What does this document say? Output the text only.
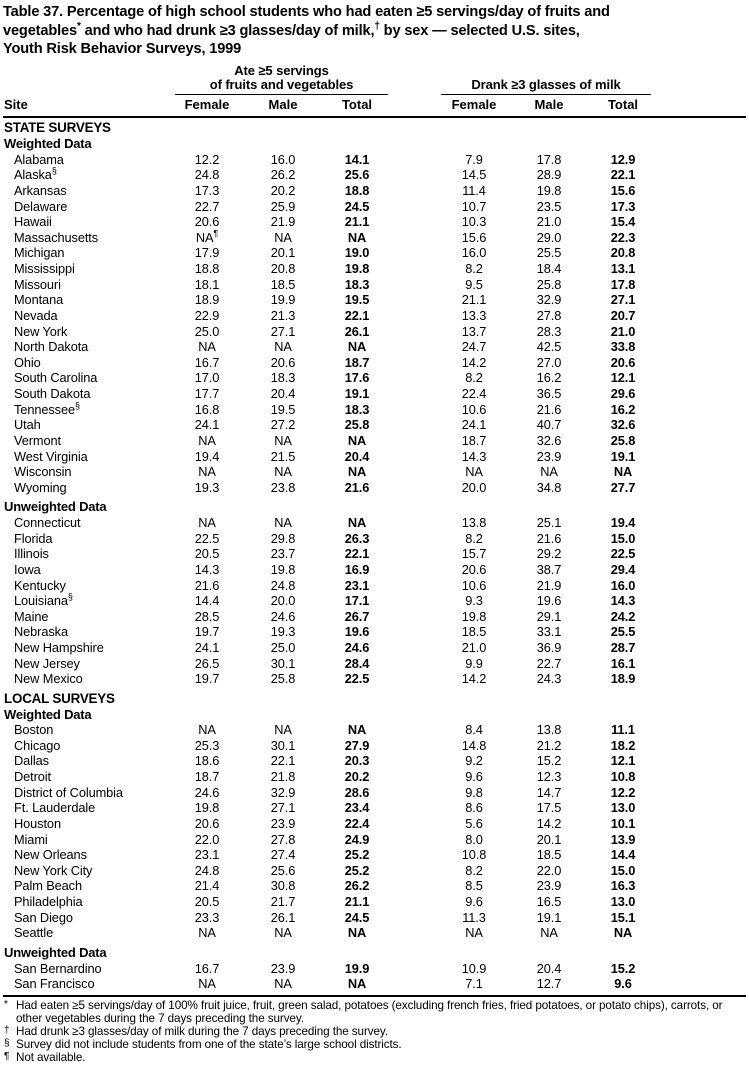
Table 37. Percentage of high school students who had eaten ≥5 servings/day of fruits and
vegetables* and who had drunk ≥3 glasses/day of milk,† by sex — selected U.S. sites,
Youth Risk Behavior Surveys, 1999
Ate ≥5 servings
of fruits and vegetables	Drank ≥3 glasses of milk
Site	Female	Male	Total	Female	Male	Total
STATE SURVEYS
Weighted Data
Alabama	12.2	16.0	14.1	7.9	17.8	12.9
Alaska§	24.8	26.2	25.6	14.5	28.9	22.1
Arkansas	17.3	20.2	18.8	11.4	19.8	15.6
Delaware	22.7	25.9	24.5	10.7	23.5	17.3
Hawaii	20.6	21.9	21.1	10.3	21.0	15.4
Massachusetts	NA¶	NA	NA	15.6	29.0	22.3
Michigan	17.9	20.1	19.0	16.0	25.5	20.8
Mississippi	18.8	20.8	19.8	8.2	18.4	13.1
Missouri	18.1	18.5	18.3	9.5	25.8	17.8
Montana	18.9	19.9	19.5	21.1	32.9	27.1
Nevada	22.9	21.3	22.1	13.3	27.8	20.7
New York	25.0	27.1	26.1	13.7	28.3	21.0
North Dakota	NA	NA	NA	24.7	42.5	33.8
Ohio	16.7	20.6	18.7	14.2	27.0	20.6
South Carolina	17.0	18.3	17.6	8.2	16.2	12.1
South Dakota	17.7	20.4	19.1	22.4	36.5	29.6
Tennessee§	16.8	19.5	18.3	10.6	21.6	16.2
Utah	24.1	27.2	25.8	24.1	40.7	32.6
Vermont	NA	NA	NA	18.7	32.6	25.8
West Virginia	19.4	21.5	20.4	14.3	23.9	19.1
Wisconsin	NA	NA	NA	NA	NA	NA
Wyoming	19.3	23.8	21.6	20.0	34.8	27.7
Unweighted Data
Connecticut	NA	NA	NA	13.8	25.1	19.4
Florida	22.5	29.8	26.3	8.2	21.6	15.0
Illinois	20.5	23.7	22.1	15.7	29.2	22.5
Iowa	14.3	19.8	16.9	20.6	38.7	29.4
Kentucky	21.6	24.8	23.1	10.6	21.9	16.0
Louisiana§	14.4	20.0	17.1	9.3	19.6	14.3
Maine	28.5	24.6	26.7	19.8	29.1	24.2
Nebraska	19.7	19.3	19.6	18.5	33.1	25.5
New Hampshire	24.1	25.0	24.6	21.0	36.9	28.7
New Jersey	26.5	30.1	28.4	9.9	22.7	16.1
New Mexico	19.7	25.8	22.5	14.2	24.3	18.9
LOCAL SURVEYS
Weighted Data
Boston	NA	NA	NA	8.4	13.8	11.1
Chicago	25.3	30.1	27.9	14.8	21.2	18.2
Dallas	18.6	22.1	20.3	9.2	15.2	12.1
Detroit	18.7	21.8	20.2	9.6	12.3	10.8
District of Columbia	24.6	32.9	28.6	9.8	14.7	12.2
Ft. Lauderdale	19.8	27.1	23.4	8.6	17.5	13.0
Houston	20.6	23.9	22.4	5.6	14.2	10.1
Miami	22.0	27.8	24.9	8.0	20.1	13.9
New Orleans	23.1	27.4	25.2	10.8	18.5	14.4
New York City	24.8	25.6	25.2	8.2	22.0	15.0
Palm Beach	21.4	30.8	26.2	8.5	23.9	16.3
Philadelphia	20.5	21.7	21.1	9.6	16.5	13.0
San Diego	23.3	26.1	24.5	11.3	19.1	15.1
Seattle	NA	NA	NA	NA	NA	NA
Unweighted Data
San Bernardino	16.7	23.9	19.9	10.9	20.4	15.2
San Francisco	NA	NA	NA	7.1	12.7	9.6
* Had eaten ≥5 servings/day of 100% fruit juice, fruit, green salad, potatoes (excluding french fries, fried potatoes, or potato chips), carrots, or other vegetables during the 7 days preceding the survey.
† Had drunk ≥3 glasses/day of milk during the 7 days preceding the survey.
§ Survey did not include students from one of the state’s large school districts.
¶ Not available.
